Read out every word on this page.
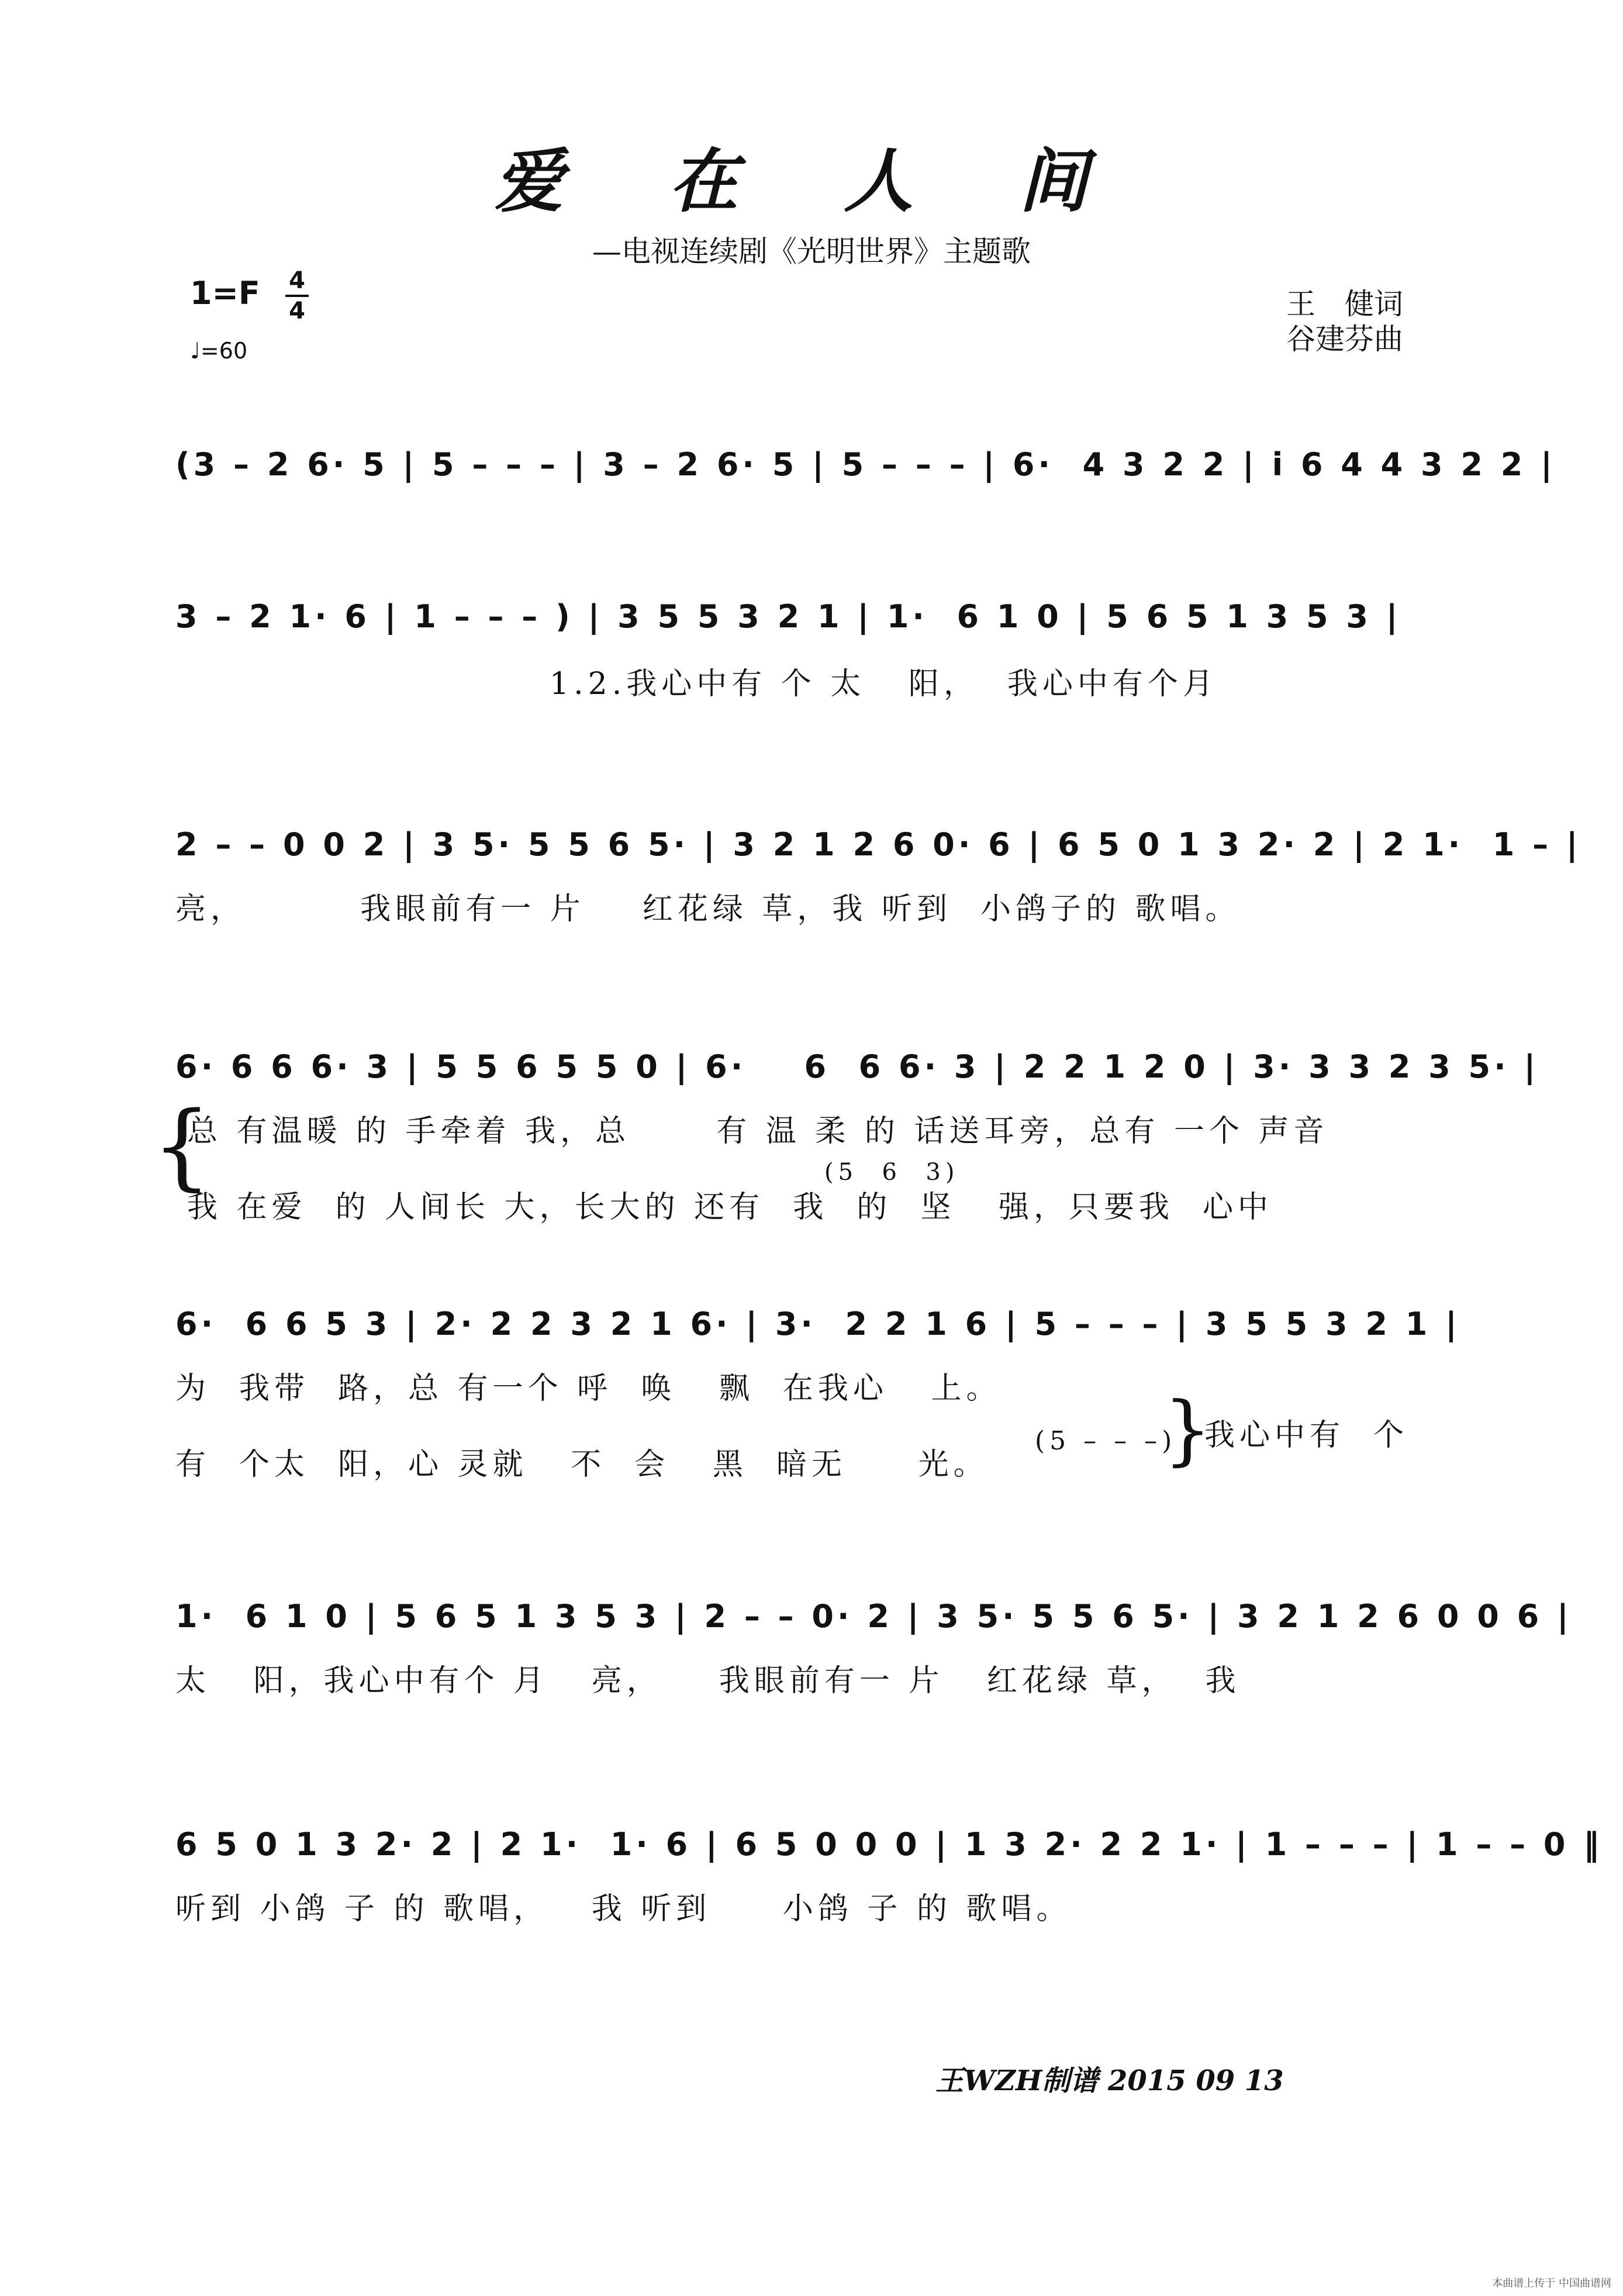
爱 在 人 间
—电视连续剧《光明世界》主题歌
1=F 4
4
♩=60
王　健词
谷建芬曲
(3 – 2 6· 5 | 5 – – – | 3 – 2 6· 5 | 5 – – – | 6·  4 3 2 2 | i 6 4 4 3 2 2 |
3 – 2 1· 6 | 1 – – – ) | 3 5 5 3 2 1 | 1·  6 1 0 | 5 6 5 1 3 5 3 |
1.2.我心中有 个 太   阳，  我心中有个月
2 – – 0 0 2 | 3 5· 5 5 6 5· | 3 2 1 2 6 0· 6 | 6 5 0 1 3 2· 2 | 2 1·  1 – |
亮，        我眼前有一 片    红花绿 草，我 听到  小鸽子的 歌唱。
6· 6 6 6· 3 | 5 5 6 5 5 0 | 6·    6  6 6· 3 | 2 2 1 2 0 | 3· 3 3 2 3 5· |
{
总 有温暖 的 手牵着 我，总      有 温 柔 的 话送耳旁，总有 一个 声音
(5  6  3)
我 在爱  的 人间长 大，长大的 还有  我  的  坚   强，只要我  心中
6·  6 6 5 3 | 2· 2 2 3 2 1 6· | 3·  2 2 1 6 | 5 – – – | 3 5 5 3 2 1 |
为  我带  路，总 有一个 呼  唤   飘  在我心   上。
(5 – – –)
}
我心中有  个
有  个太  阳，心 灵就   不  会   黑  暗无     光。
1·  6 1 0 | 5 6 5 1 3 5 3 | 2 – – 0· 2 | 3 5· 5 5 6 5· | 3 2 1 2 6 0 0 6 |
太   阳，我心中有个 月   亮，    我眼前有一 片   红花绿 草，  我
6 5 0 1 3 2· 2 | 2 1·  1· 6 | 6 5 0 0 0 | 1 3 2· 2 2 1· | 1 – – – | 1 – – 0 ‖
听到 小鸽 子 的 歌唱，   我 听到     小鸽 子 的 歌唱。
王WZH制谱 2015 09 13
本曲谱上传于 中国曲谱网
